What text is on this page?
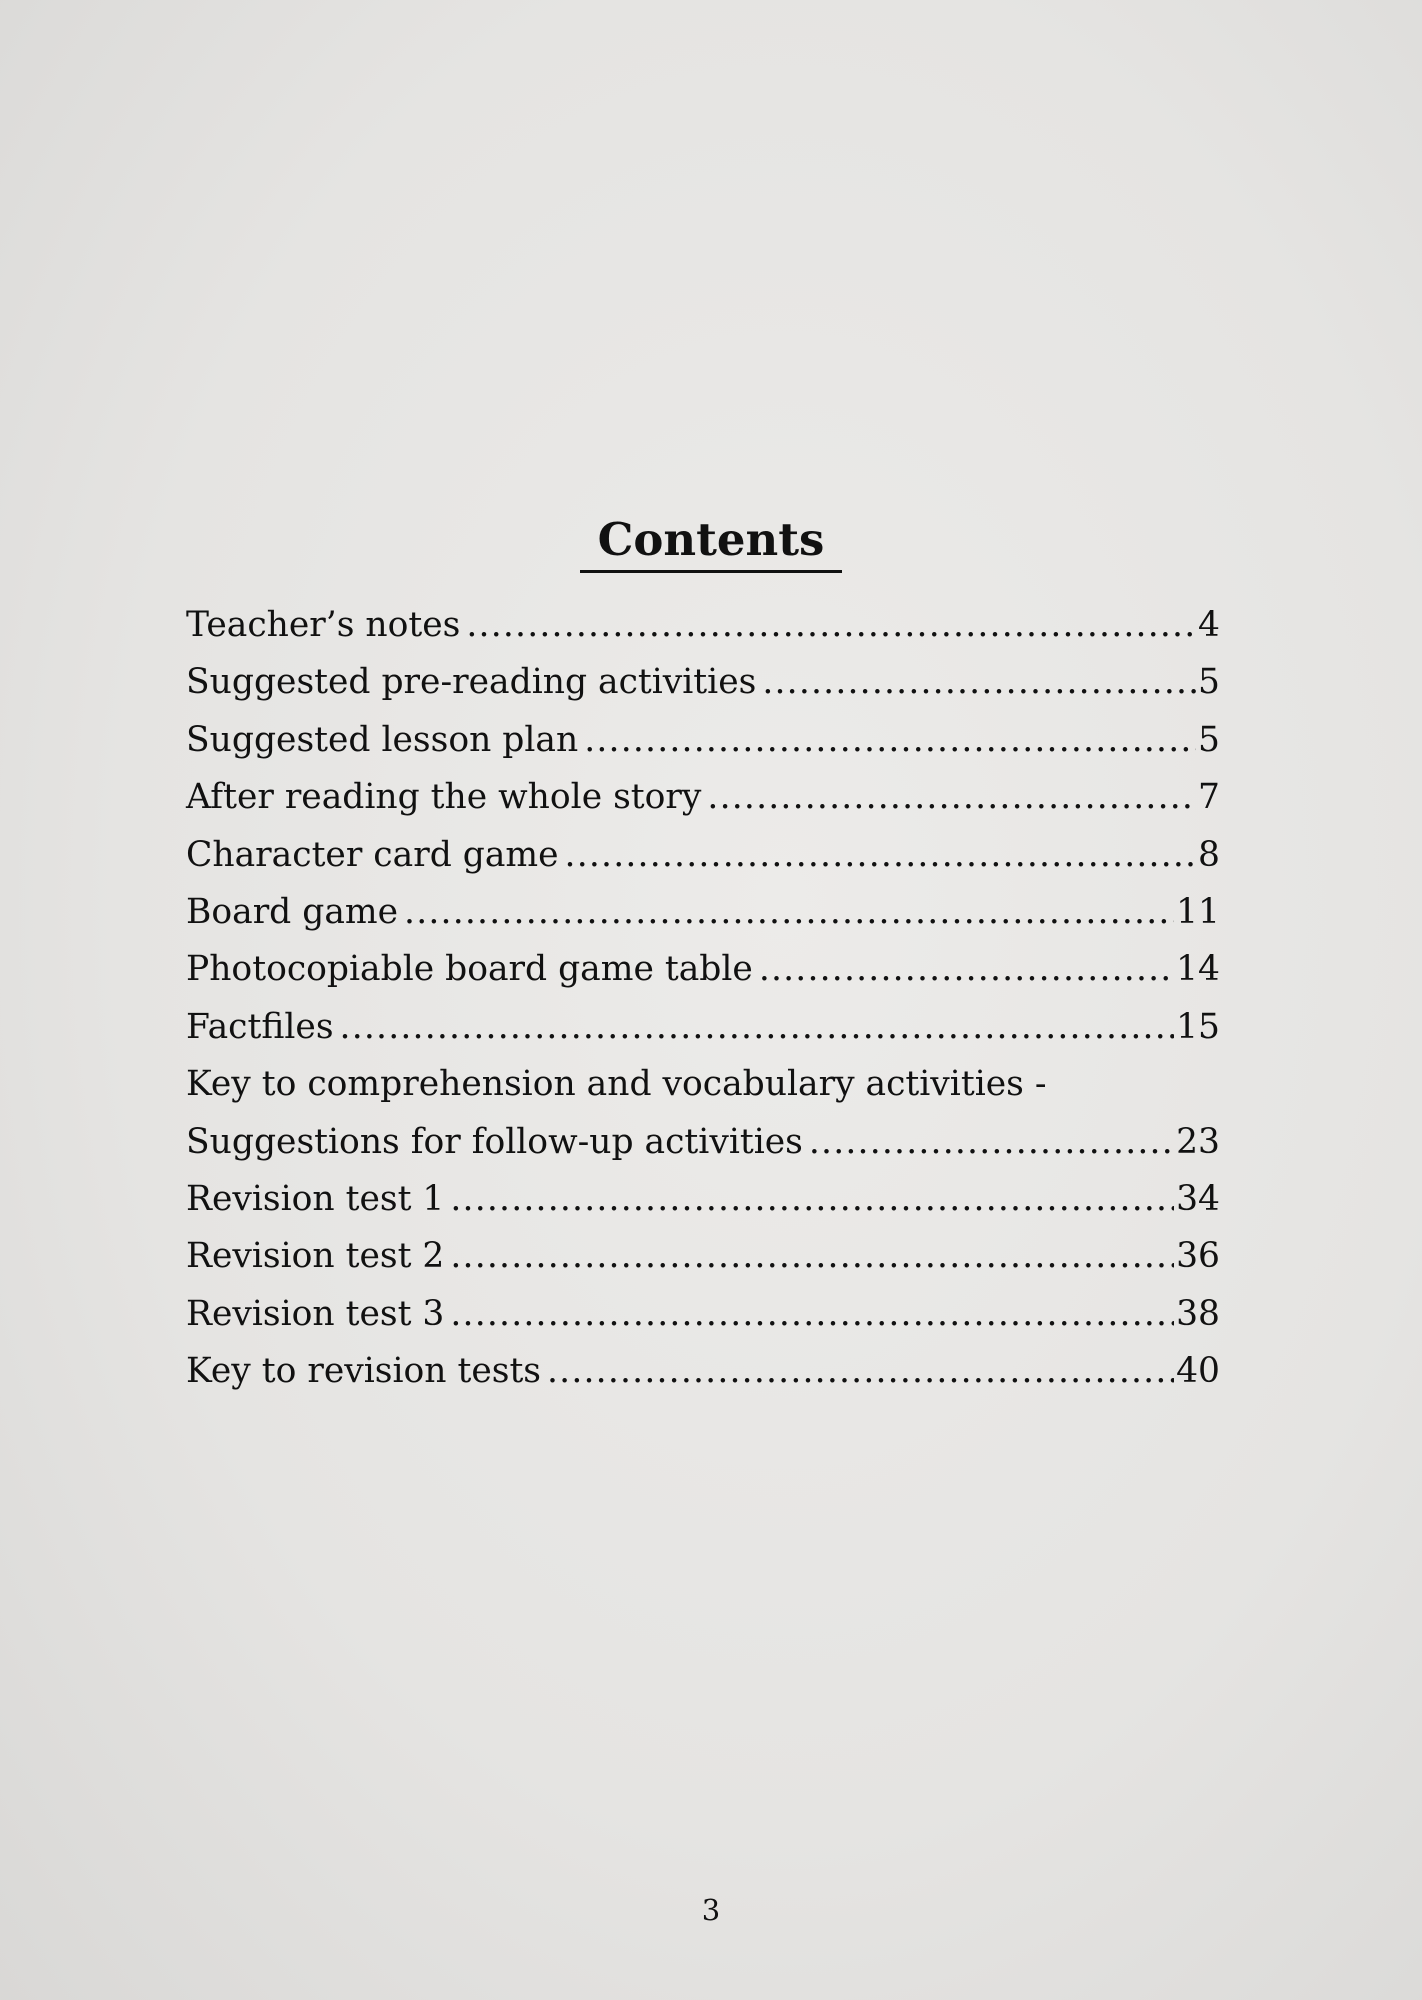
Contents
Teacher’s notes .....	4
Suggested pre-reading activities .....	5
Suggested lesson plan .....	5
After reading the whole story .....	7
Character card game .....	8
Board game .....	11
Photocopiable board game table .....	14
Factfiles .....	15
Key to comprehension and vocabulary activities -
Suggestions for follow-up activities .....	23
Revision test 1 .....	34
Revision test 2 .....	36
Revision test 3 .....	38
Key to revision tests .....	40
3
